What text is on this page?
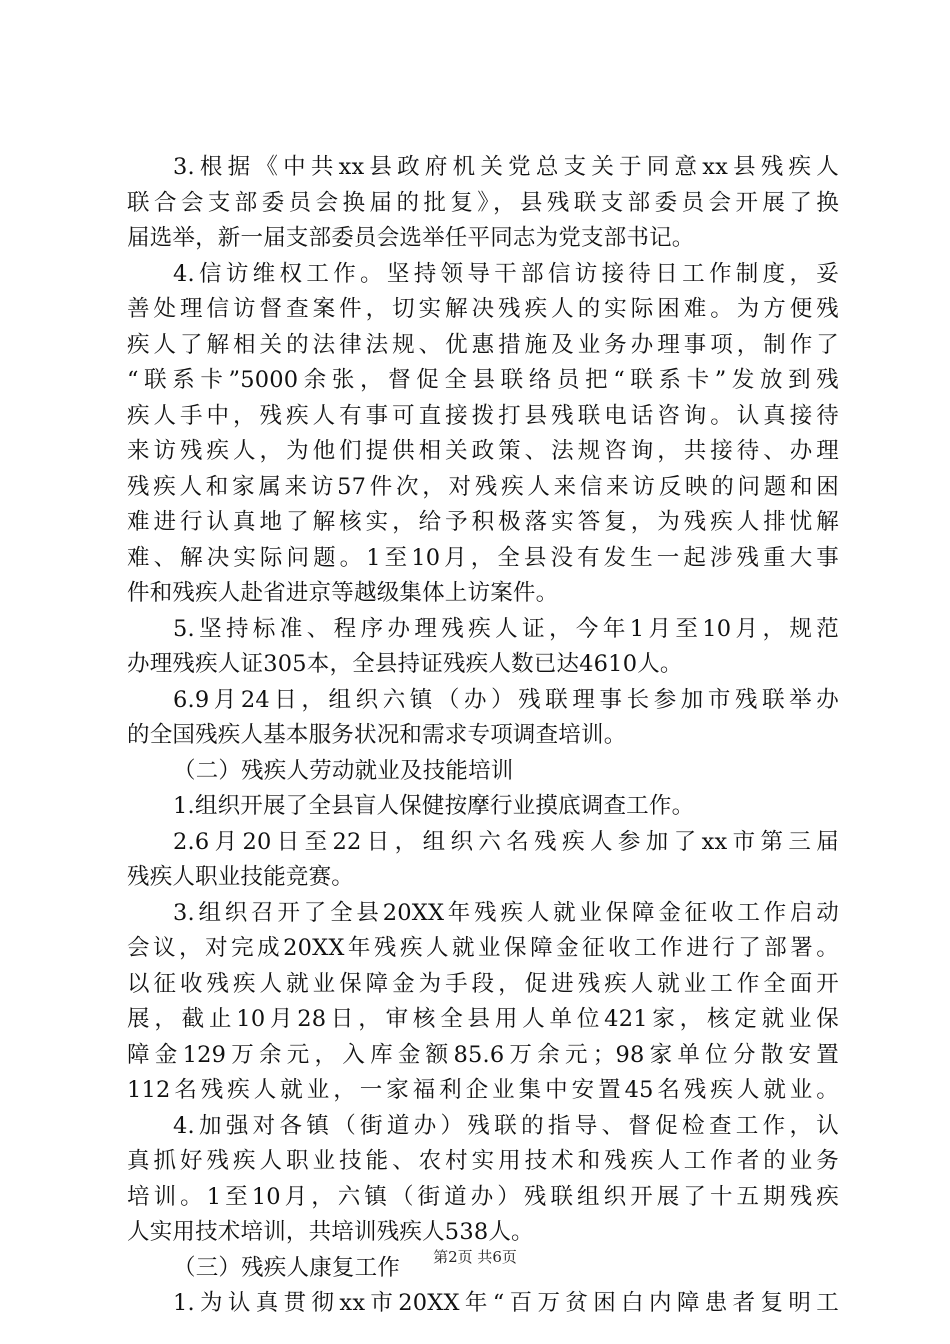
3.根据《中共xx县政府机关党总支关于同意xx县残疾人
联合会支部委员会换届的批复》，县残联支部委员会开展了换
届选举，新一届支部委员会选举任平同志为党支部书记。
4.信访维权工作。坚持领导干部信访接待日工作制度，妥
善处理信访督查案件，切实解决残疾人的实际困难。为方便残
疾人了解相关的法律法规、优惠措施及业务办理事项，制作了
“联系卡”5000余张，督促全县联络员把“联系卡”发放到残
疾人手中，残疾人有事可直接拨打县残联电话咨询。认真接待
来访残疾人，为他们提供相关政策、法规咨询，共接待、办理
残疾人和家属来访57件次，对残疾人来信来访反映的问题和困
难进行认真地了解核实，给予积极落实答复，为残疾人排忧解
难、解决实际问题。1至10月，全县没有发生一起涉残重大事
件和残疾人赴省进京等越级集体上访案件。
5.坚持标准、程序办理残疾人证，今年1月至10月，规范
办理残疾人证305本，全县持证残疾人数已达4610人。
6.9月24日，组织六镇（办）残联理事长参加市残联举办
的全国残疾人基本服务状况和需求专项调查培训。
（二）残疾人劳动就业及技能培训
1.组织开展了全县盲人保健按摩行业摸底调查工作。
2.6月20日至22日，组织六名残疾人参加了xx市第三届
残疾人职业技能竞赛。
3.组织召开了全县20XX年残疾人就业保障金征收工作启动
会议，对完成20XX年残疾人就业保障金征收工作进行了部署。
以征收残疾人就业保障金为手段，促进残疾人就业工作全面开
展，截止10月28日，审核全县用人单位421家，核定就业保
障金129万余元，入库金额85.6万余元；98家单位分散安置
112名残疾人就业，一家福利企业集中安置45名残疾人就业。
4.加强对各镇（街道办）残联的指导、督促检查工作，认
真抓好残疾人职业技能、农村实用技术和残疾人工作者的业务
培训。1至10月，六镇（街道办）残联组织开展了十五期残疾
人实用技术培训，共培训残疾人538人。
（三）残疾人康复工作
1.为认真贯彻xx市20XX年“百万贫困白内障患者复明工
第2页 共6页
